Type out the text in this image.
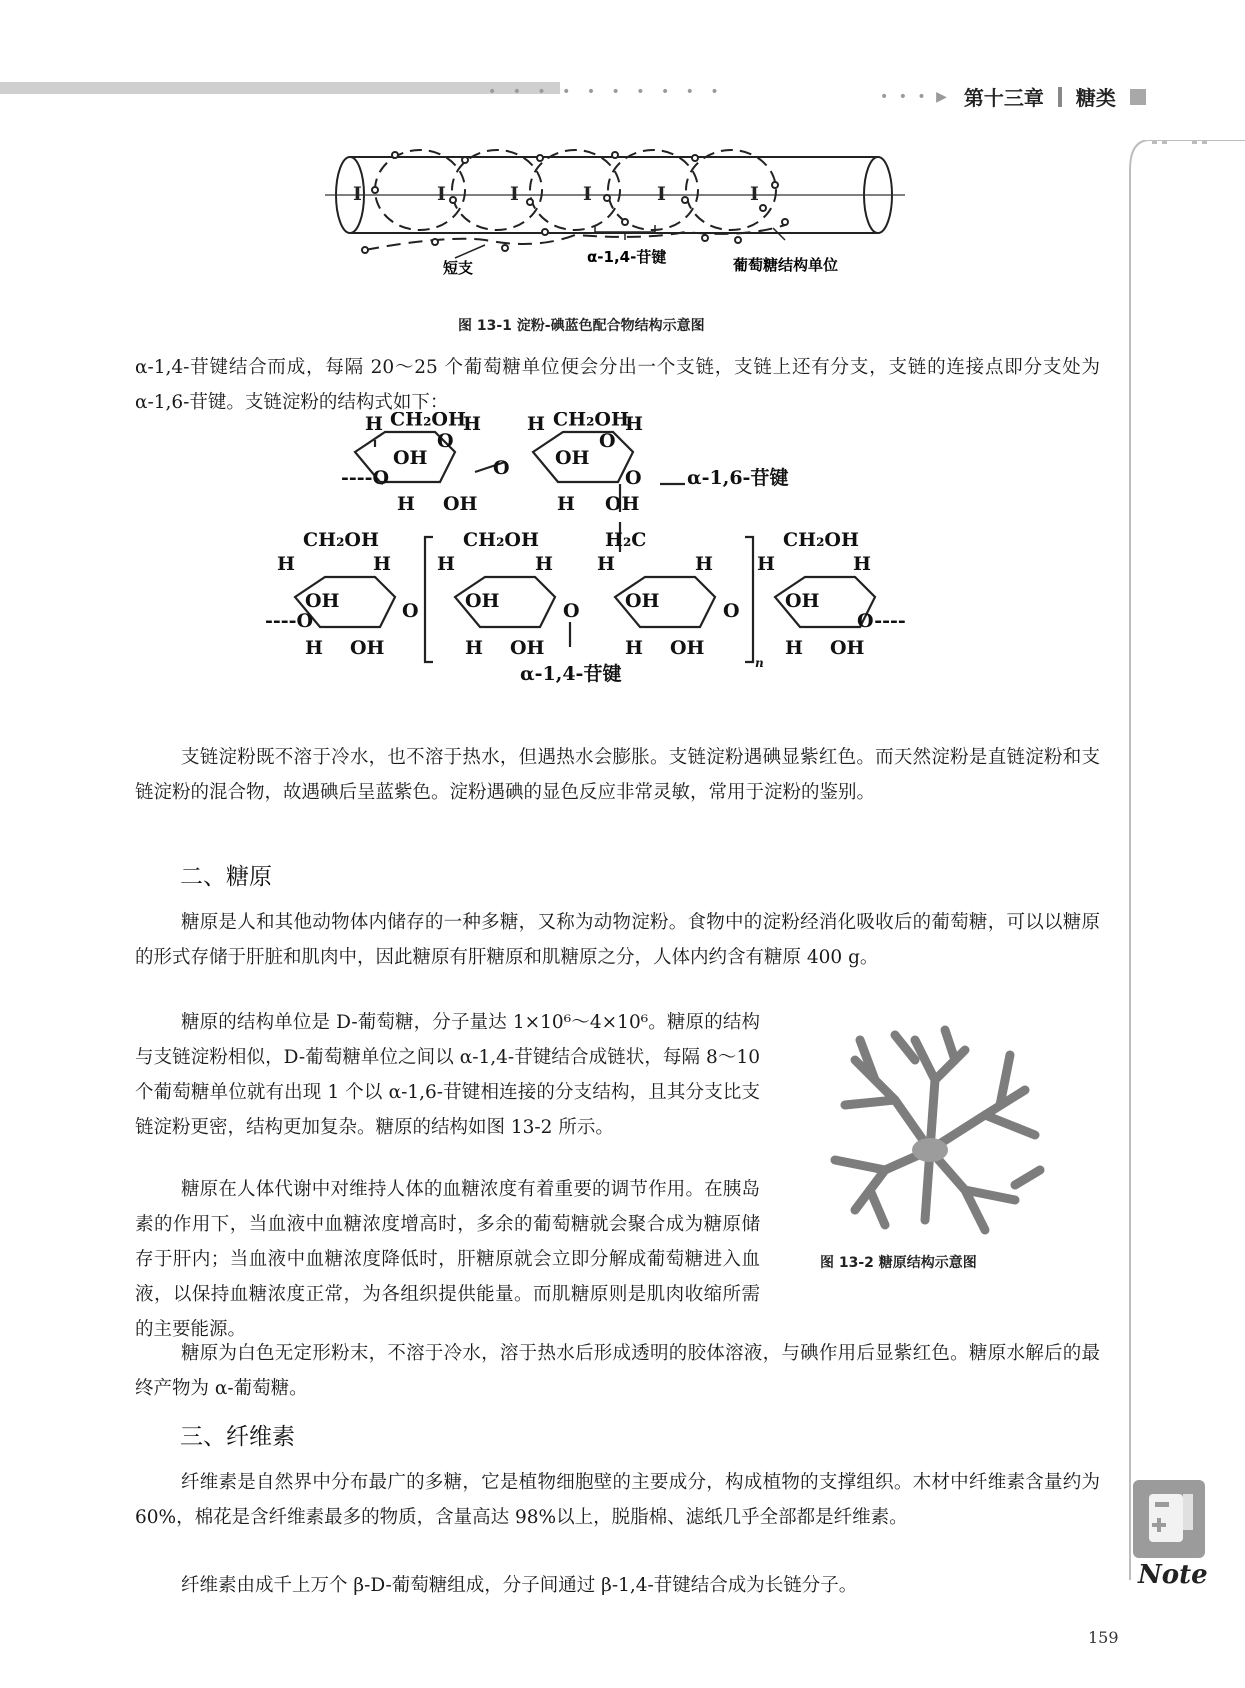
• • • • • • • • • •	• • • ▶ 第十三章 糖类
Note
I	I	I	I	I	I
短支
α-1,4-苷键	葡萄糖结构单位
图 13-1 淀粉-碘蓝色配合物结构示意图
α-1,4-苷键结合而成，每隔 20～25 个葡萄糖单位便会分出一个支链，支链上还有分支，支链的连接点即分支处为 α-1,6-苷键。支链淀粉的结构式如下：
CH₂OH	CH₂OH
H	H H	H
O	O
OH	OH
----O	O	O α-1,6-苷键
H OH	H OH
CH₂OH	CH₂OH	H₂C	CH₂OH
H	H H	H H	H H	H
OH	OH	OH	OH
----O	O	O	O	O----
H OH	H OH	H OH	H OH
n
α-1,4-苷键
支链淀粉既不溶于冷水，也不溶于热水，但遇热水会膨胀。支链淀粉遇碘显紫红色。而天然淀粉是直链淀粉和支链淀粉的混合物，故遇碘后呈蓝紫色。淀粉遇碘的显色反应非常灵敏，常用于淀粉的鉴别。
二、糖原
糖原是人和其他动物体内储存的一种多糖，又称为动物淀粉。食物中的淀粉经消化吸收后的葡萄糖，可以以糖原的形式存储于肝脏和肌肉中，因此糖原有肝糖原和肌糖原之分，人体内约含有糖原 400 g。
糖原的结构单位是 D-葡萄糖，分子量达 1×10⁶～4×10⁶。糖原的结构与支链淀粉相似，D-葡萄糖单位之间以 α-1,4-苷键结合成链状，每隔 8～10 个葡萄糖单位就有出现 1 个以 α-1,6-苷键相连接的分支结构，且其分支比支链淀粉更密，结构更加复杂。糖原的结构如图 13-2 所示。
糖原在人体代谢中对维持人体的血糖浓度有着重要的调节作用。在胰岛素的作用下，当血液中血糖浓度增高时，多余的葡萄糖就会聚合成为糖原储存于肝内；当血液中血糖浓度降低时，肝糖原就会立即分解成葡萄糖进入血液，以保持血糖浓度正常，为各组织提供能量。而肌糖原则是肌肉收缩所需的主要能源。
图 13-2 糖原结构示意图
糖原为白色无定形粉末，不溶于冷水，溶于热水后形成透明的胶体溶液，与碘作用后显紫红色。糖原水解后的最终产物为 α-葡萄糖。
三、纤维素
纤维素是自然界中分布最广的多糖，它是植物细胞壁的主要成分，构成植物的支撑组织。木材中纤维素含量约为 60%，棉花是含纤维素最多的物质，含量高达 98%以上，脱脂棉、滤纸几乎全部都是纤维素。
纤维素由成千上万个 β-D-葡萄糖组成，分子间通过 β-1,4-苷键结合成为长链分子。
159
